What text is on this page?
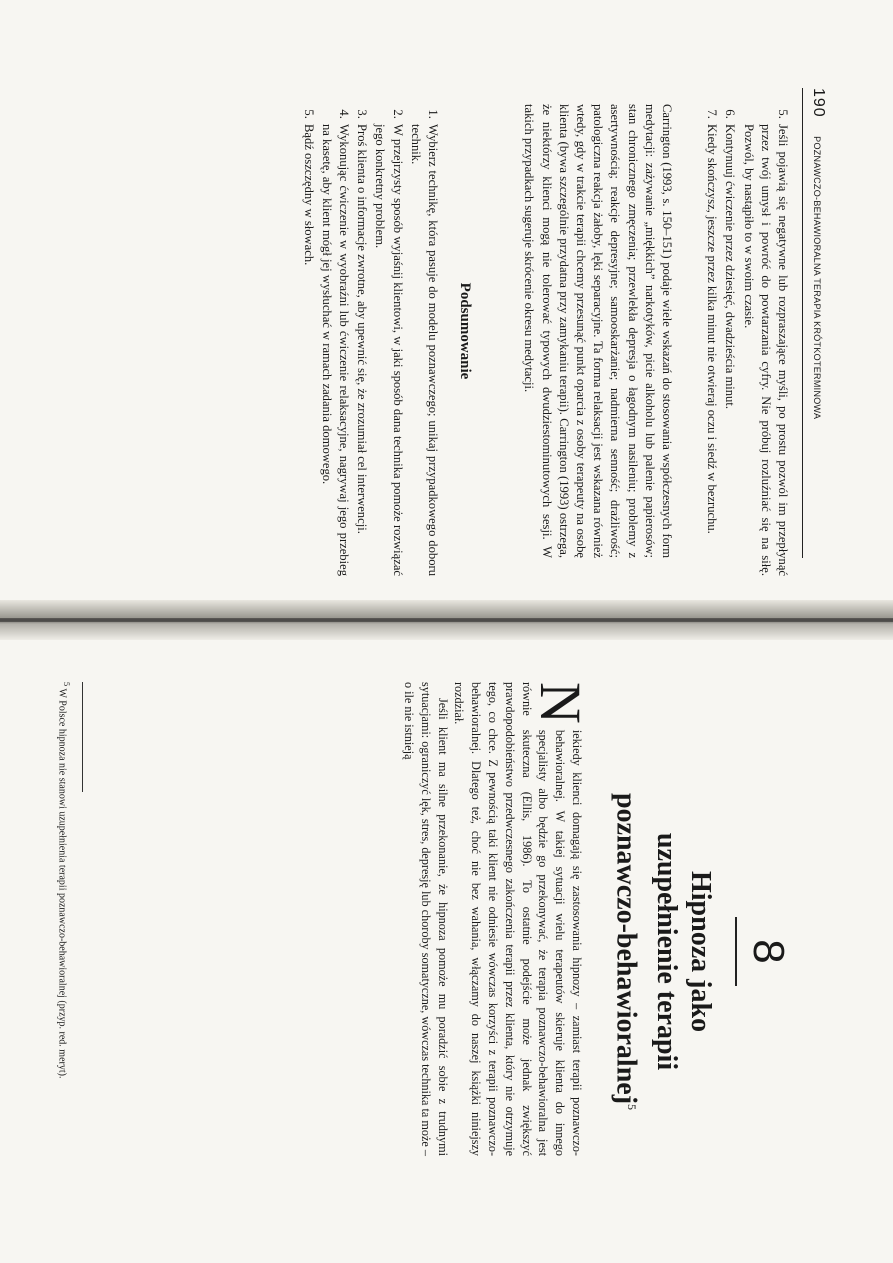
190 POZNAWCZO-BEHAWIORALNA TERAPIA KRÓTKOTERMINOWA
5. Jeśli pojawią się negatywne lub rozpraszające myśli, po prostu pozwól im przepłynąć przez twój umysł i powróć do powtarzania cyfry. Nie próbuj rozluźniać się na siłę. Pozwól, by nastąpiło to w swoim czasie.
6. Kontynuuj ćwiczenie przez dziesięć, dwadzieścia minut.
7. Kiedy skończysz, jeszcze przez kilka minut nie otwieraj oczu i siedź w bezruchu.

Carrington (1993, s. 150–151) podaje wiele wskazań do stosowania współczesnych form medytacji: zażywanie „miękkich” narkotyków, picie alkoholu lub palenie papierosów; stan chronicznego zmęczenia; przewlekła depresja o łagodnym nasileniu; problemy z asertywnością; reakcje depresyjne; samooskarżanie; nadmierna senność; drażliwość; patologiczna reakcja żałoby, lęki separacyjne. Ta forma relaksacji jest wskazana również wtedy, gdy w trakcie terapii chcemy przesunąć punkt oparcia z osoby terapeuty na osobę klienta (bywa szczególnie przydatna przy zamykaniu terapii). Carrington (1993) ostrzega, że niektórzy klienci mogą nie tolerować typowych dwudziestominutowych sesji. W takich przypadkach sugeruje skrócenie okresu medytacji.

Podsumowanie
1. Wybierz technikę, która pasuje do modelu poznawczego; unikaj przypadkowego doboru technik.
2. W przejrzysty sposób wyjaśnij klientowi, w jaki sposób dana technika pomoże rozwiązać jego konkretny problem.
3. Proś klienta o informacje zwrotne, aby upewnić się, że zrozumiał cel interwencji.
4. Wykonując ćwiczenie w wyobraźni lub ćwiczenie relaksacyjne, nagrywaj jego przebieg na kasetę, aby klient mógł jej wysłuchać w ramach zadania domowego.
5. Bądź oszczędny w słowach.
8
Hipnoza jako
uzupełnienie terapii
poznawczo-behawioralnej$^5$

N
iekiedy klienci domagają się zastosowania hipnozy – zamiast terapii poznawczo-behawioralnej. W takiej sytuacji wielu terapeutów skieruje klienta do innego specjalisty albo będzie go przekonywać, że terapia poznawczo-behawioralna jest równie skuteczna (Ellis, 1986). To ostatnie podejście może jednak zwiększyć prawdopodobieństwo przedwczesnego zakończenia terapii przez klienta, który nie otrzymuje tego, co chce. Z pewnością taki klient nie odniesie wówczas korzyści z terapii poznawczo-behawioralnej. Dlatego też, choć nie bez wahania, włączamy do naszej książki niniejszy rozdział.

Jeśli klient ma silne przekonanie, że hipnoza pomoże mu poradzić sobie z trudnymi sytuacjami: ograniczyć lęk, stres, depresję lub choroby somatyczne, wówczas technika ta może – o ile nie istnieją

$^5$ W Polsce hipnoza nie stanowi uzupełnienia terapii poznawczo-behawioralnej (przyp. red. meryt).
